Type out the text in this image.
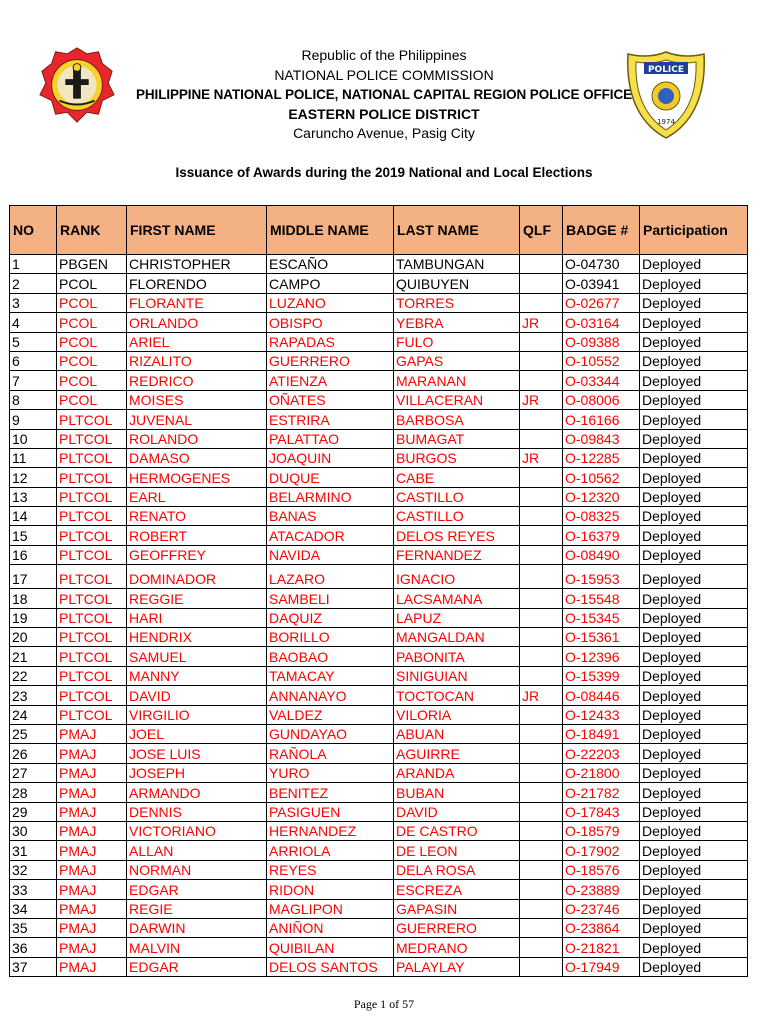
Republic of the Philippines
NATIONAL POLICE COMMISSION
PHILIPPINE NATIONAL POLICE, NATIONAL CAPITAL REGION POLICE OFFICE
EASTERN POLICE DISTRICT
Caruncho Avenue, Pasig City
POLICE
1974
Issuance of Awards during the 2019 National and Local Elections
NO	RANK	FIRST NAME	MIDDLE NAME	LAST NAME	QLF	BADGE #	Participation
1	PBGEN	CHRISTOPHER	ESCAÑO	TAMBUNGAN		O-04730	Deployed
2	PCOL	FLORENDO	CAMPO	QUIBUYEN		O-03941	Deployed
3	PCOL	FLORANTE	LUZANO	TORRES		O-02677	Deployed
4	PCOL	ORLANDO	OBISPO	YEBRA	JR	O-03164	Deployed
5	PCOL	ARIEL	RAPADAS	FULO		O-09388	Deployed
6	PCOL	RIZALITO	GUERRERO	GAPAS		O-10552	Deployed
7	PCOL	REDRICO	ATIENZA	MARANAN		O-03344	Deployed
8	PCOL	MOISES	OÑATES	VILLACERAN	JR	O-08006	Deployed
9	PLTCOL	JUVENAL	ESTRIRA	BARBOSA		O-16166	Deployed
10	PLTCOL	ROLANDO	PALATTAO	BUMAGAT		O-09843	Deployed
11	PLTCOL	DAMASO	JOAQUIN	BURGOS	JR	O-12285	Deployed
12	PLTCOL	HERMOGENES	DUQUE	CABE		O-10562	Deployed
13	PLTCOL	EARL	BELARMINO	CASTILLO		O-12320	Deployed
14	PLTCOL	RENATO	BANAS	CASTILLO		O-08325	Deployed
15	PLTCOL	ROBERT	ATACADOR	DELOS REYES		O-16379	Deployed
16	PLTCOL	GEOFFREY	NAVIDA	FERNANDEZ		O-08490	Deployed
17	PLTCOL	DOMINADOR	LAZARO	IGNACIO		O-15953	Deployed
18	PLTCOL	REGGIE	SAMBELI	LACSAMANA		O-15548	Deployed
19	PLTCOL	HARI	DAQUIZ	LAPUZ		O-15345	Deployed
20	PLTCOL	HENDRIX	BORILLO	MANGALDAN		O-15361	Deployed
21	PLTCOL	SAMUEL	BAOBAO	PABONITA		O-12396	Deployed
22	PLTCOL	MANNY	TAMACAY	SINIGUIAN		O-15399	Deployed
23	PLTCOL	DAVID	ANNANAYO	TOCTOCAN	JR	O-08446	Deployed
24	PLTCOL	VIRGILIO	VALDEZ	VILORIA		O-12433	Deployed
25	PMAJ	JOEL	GUNDAYAO	ABUAN		O-18491	Deployed
26	PMAJ	JOSE LUIS	RAÑOLA	AGUIRRE		O-22203	Deployed
27	PMAJ	JOSEPH	YURO	ARANDA		O-21800	Deployed
28	PMAJ	ARMANDO	BENITEZ	BUBAN		O-21782	Deployed
29	PMAJ	DENNIS	PASIGUEN	DAVID		O-17843	Deployed
30	PMAJ	VICTORIANO	HERNANDEZ	DE CASTRO		O-18579	Deployed
31	PMAJ	ALLAN	ARRIOLA	DE LEON		O-17902	Deployed
32	PMAJ	NORMAN	REYES	DELA ROSA		O-18576	Deployed
33	PMAJ	EDGAR	RIDON	ESCREZA		O-23889	Deployed
34	PMAJ	REGIE	MAGLIPON	GAPASIN		O-23746	Deployed
35	PMAJ	DARWIN	ANIÑON	GUERRERO		O-23864	Deployed
36	PMAJ	MALVIN	QUIBILAN	MEDRANO		O-21821	Deployed
37	PMAJ	EDGAR	DELOS SANTOS	PALAYLAY		O-17949	Deployed
Page 1 of 57
